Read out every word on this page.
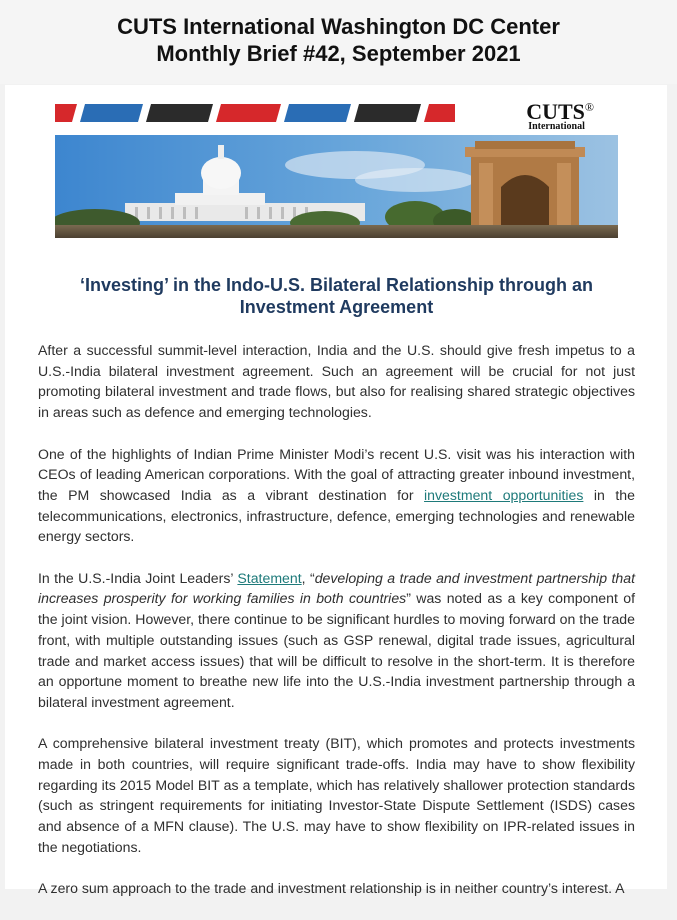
CUTS International Washington DC Center
Monthly Brief #42, September 2021
CUTS®
International
‘Investing’ in the Indo-U.S. Bilateral Relationship through an Investment Agreement

After a successful summit-level interaction, India and the U.S. should give fresh impetus to a U.S.-India bilateral investment agreement. Such an agreement will be crucial for not just promoting bilateral investment and trade flows, but also for realising shared strategic objectives in areas such as defence and emerging technologies.

One of the highlights of Indian Prime Minister Modi’s recent U.S. visit was his interaction with CEOs of leading American corporations. With the goal of attracting greater inbound investment, the PM showcased India as a vibrant destination for investment opportunities in the telecommunications, electronics, infrastructure, defence, emerging technologies and renewable energy sectors.

In the U.S.-India Joint Leaders’ Statement, “developing a trade and investment partnership that increases prosperity for working families in both countries” was noted as a key component of the joint vision. However, there continue to be significant hurdles to moving forward on the trade front, with multiple outstanding issues (such as GSP renewal, digital trade issues, agricultural trade and market access issues) that will be difficult to resolve in the short-term. It is therefore an opportune moment to breathe new life into the U.S.-India investment partnership through a bilateral investment agreement.

A comprehensive bilateral investment treaty (BIT), which promotes and protects investments made in both countries, will require significant trade-offs. India may have to show flexibility regarding its 2015 Model BIT as a template, which has relatively shallower protection standards (such as stringent requirements for initiating Investor-State Dispute Settlement (ISDS) cases and absence of a MFN clause). The U.S. may have to show flexibility on IPR-related issues in the negotiations.

A zero sum approach to the trade and investment relationship is in neither country’s interest. A
